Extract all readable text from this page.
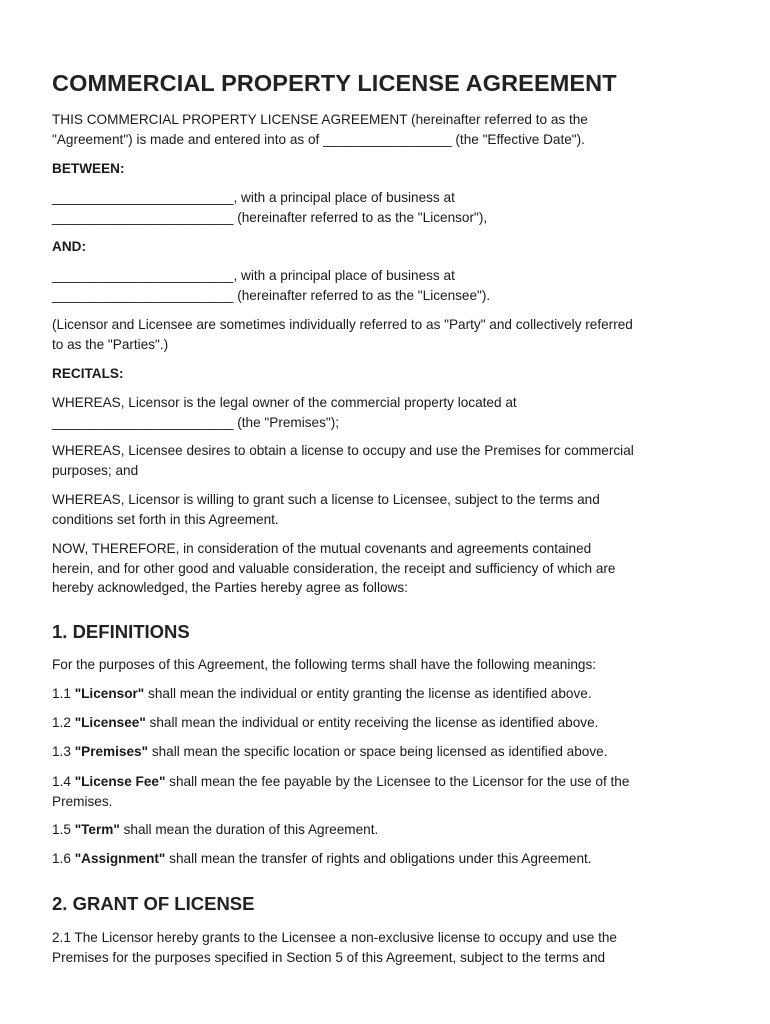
COMMERCIAL PROPERTY LICENSE AGREEMENT

THIS COMMERCIAL PROPERTY LICENSE AGREEMENT (hereinafter referred to as the
"Agreement") is made and entered into as of _________________ (the "Effective Date").

BETWEEN:

________________________, with a principal place of business at
________________________ (hereinafter referred to as the "Licensor"),

AND:

________________________, with a principal place of business at
________________________ (hereinafter referred to as the "Licensee").

(Licensor and Licensee are sometimes individually referred to as "Party" and collectively referred
to as the "Parties".)

RECITALS:

WHEREAS, Licensor is the legal owner of the commercial property located at
________________________ (the "Premises");

WHEREAS, Licensee desires to obtain a license to occupy and use the Premises for commercial
purposes; and

WHEREAS, Licensor is willing to grant such a license to Licensee, subject to the terms and
conditions set forth in this Agreement.

NOW, THEREFORE, in consideration of the mutual covenants and agreements contained
herein, and for other good and valuable consideration, the receipt and sufficiency of which are
hereby acknowledged, the Parties hereby agree as follows:

1. DEFINITIONS

For the purposes of this Agreement, the following terms shall have the following meanings:

1.1 "Licensor" shall mean the individual or entity granting the license as identified above.

1.2 "Licensee" shall mean the individual or entity receiving the license as identified above.

1.3 "Premises" shall mean the specific location or space being licensed as identified above.

1.4 "License Fee" shall mean the fee payable by the Licensee to the Licensor for the use of the
Premises.

1.5 "Term" shall mean the duration of this Agreement.

1.6 "Assignment" shall mean the transfer of rights and obligations under this Agreement.

2. GRANT OF LICENSE

2.1 The Licensor hereby grants to the Licensee a non-exclusive license to occupy and use the
Premises for the purposes specified in Section 5 of this Agreement, subject to the terms and
